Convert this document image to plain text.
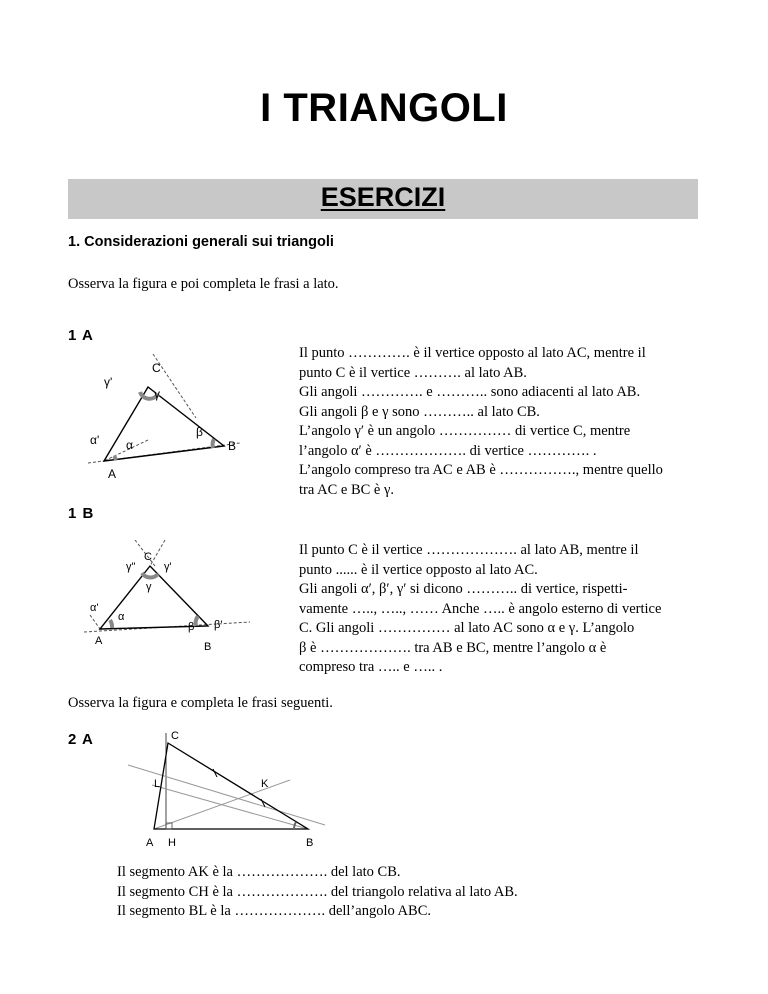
I TRIANGOLI
ESERCIZI
1. Considerazioni generali sui triangoli
Osserva la figura e poi completa le frasi a lato.
1 A
C
γ'
γ
α' α
β
B
A
Il punto …………. è il vertice opposto al lato AC, mentre il
punto C è il vertice ………. al lato AB.
Gli angoli …………. e ……….. sono adiacenti al lato AB.
Gli angoli β e γ sono ……….. al lato CB.
L’angolo γ′ è un angolo …………… di vertice C, mentre
l’angolo α′ è ………………. di vertice …………. .
L’angolo compreso tra AC e AB è ……………., mentre quello
tra AC e BC è γ.
1 B
C
γ"	γ'
γ
α'
α
β β'
A	B
Il punto C è il vertice ………………. al lato AB, mentre il
punto ...... è il vertice opposto al lato AC.
Gli angoli α′, β′, γ′ si dicono ……….. di vertice, rispetti-
vamente ….., ….., …… Anche ….. è angolo esterno di vertice
C. Gli angoli …………… al lato AC sono α e γ. L’angolo
β è ………………. tra AB e BC, mentre l’angolo α è
compreso tra ….. e ….. .
Osserva la figura e completa le frasi seguenti.
2 A	C
L	K
A H	B
Il segmento AK è la ………………. del lato CB.
Il segmento CH è la ………………. del triangolo relativa al lato AB.
Il segmento BL è la ………………. dell’angolo ABC.
